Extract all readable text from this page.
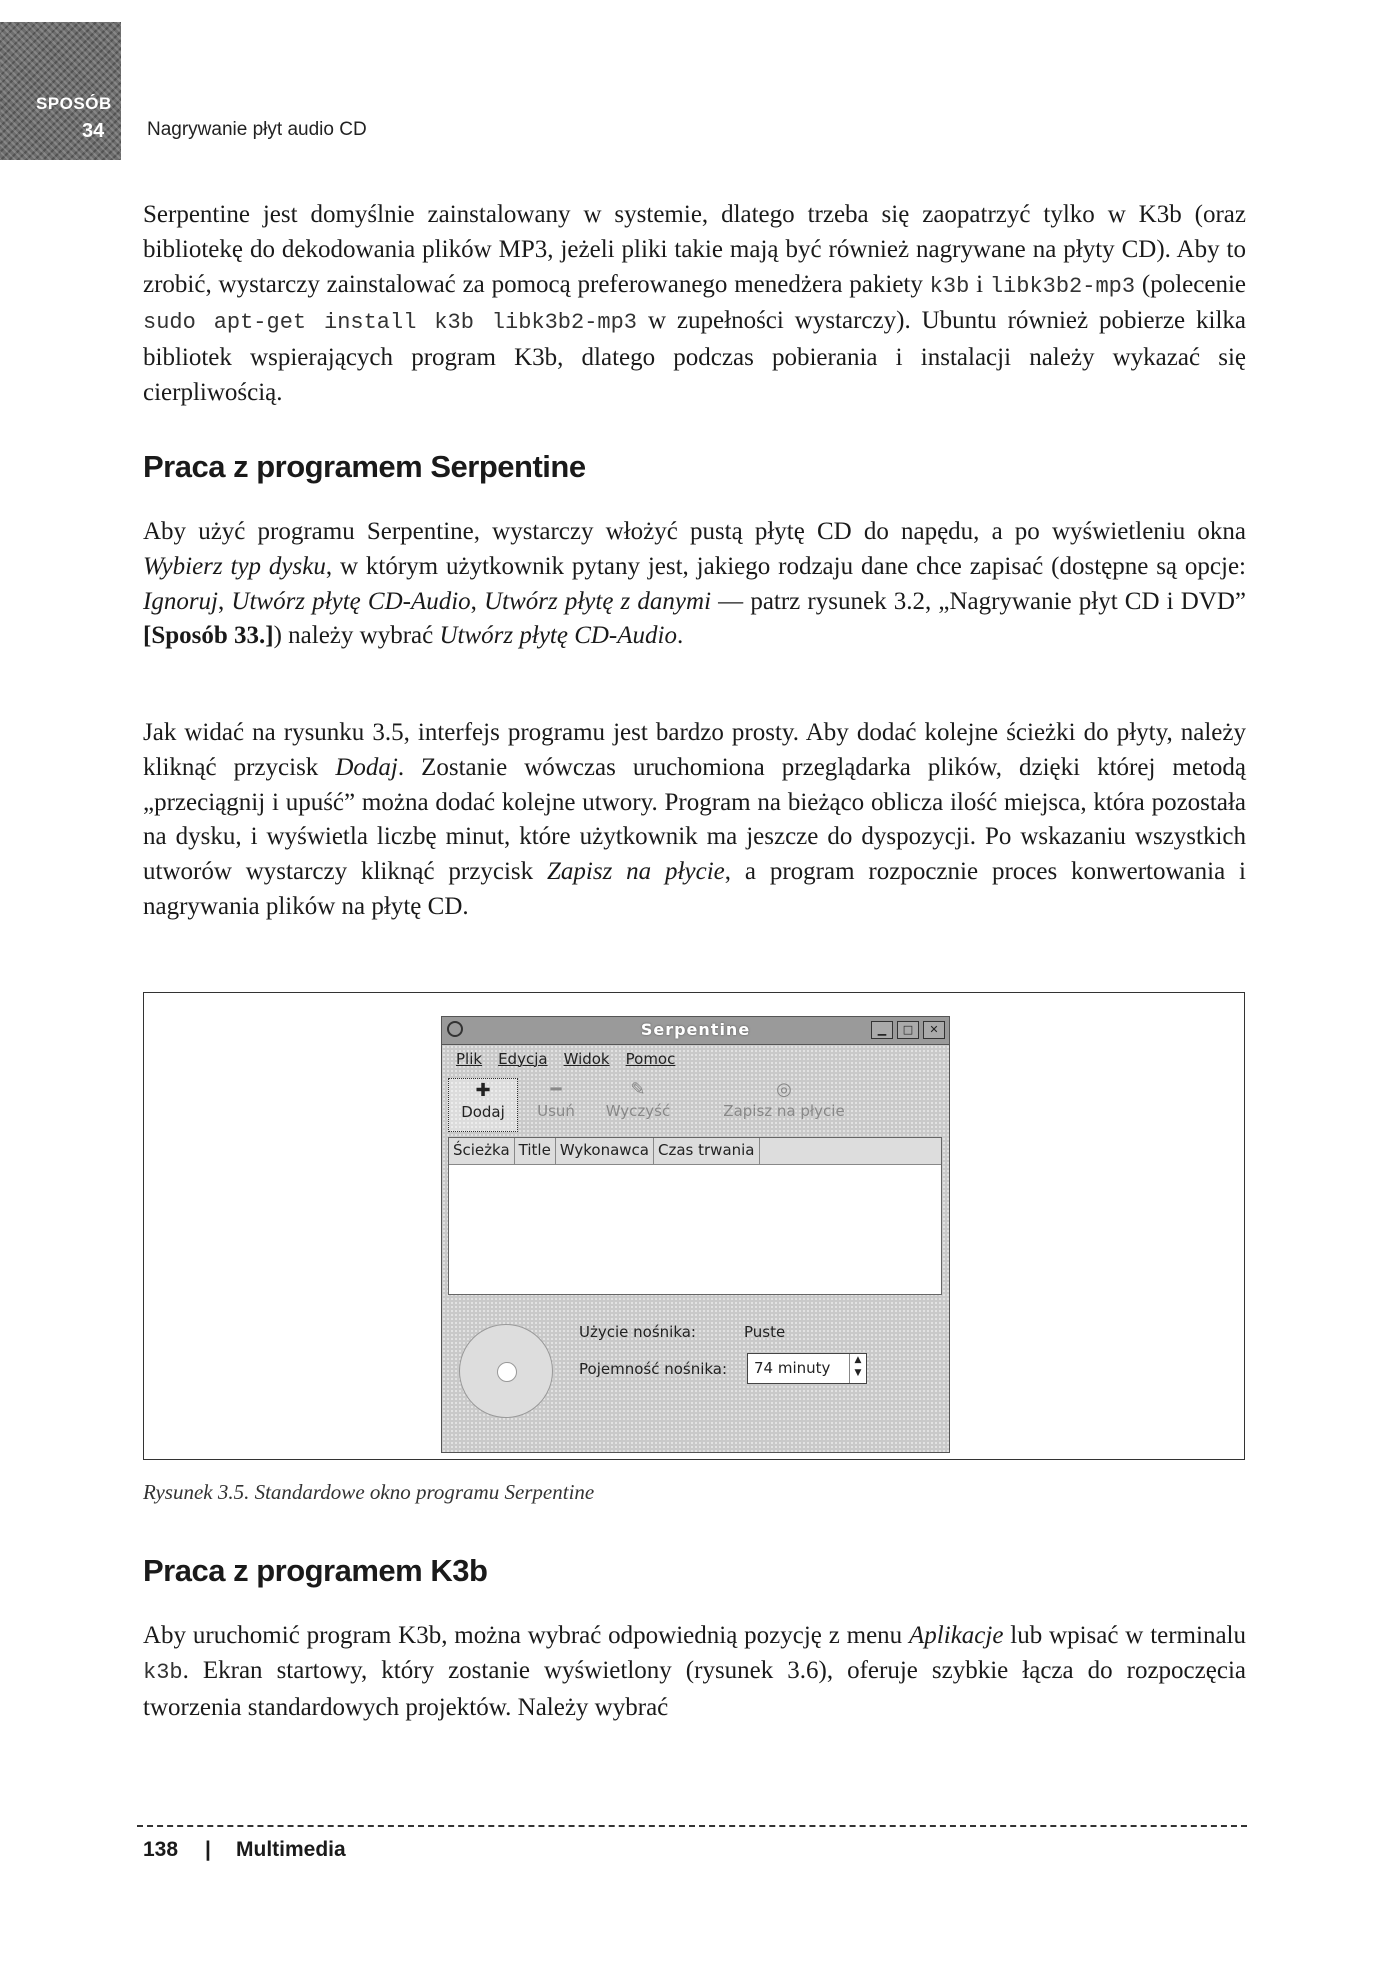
SPOSÓB
34 Nagrywanie płyt audio CD

Serpentine jest domyślnie zainstalowany w systemie, dlatego trzeba się zaopatrzyć tylko w K3b (oraz bibliotekę do dekodowania plików MP3, jeżeli pliki takie mają być również nagrywane na płyty CD). Aby to zrobić, wystarczy zainstalować za pomocą preferowanego menedżera pakiety k3b i libk3b2-mp3 (polecenie sudo apt-get install k3b libk3b2-mp3 w zupełności wystarczy). Ubuntu również pobierze kilka bibliotek wspierających program K3b, dlatego podczas pobierania i instalacji należy wykazać się cierpliwością.

Praca z programem Serpentine

Aby użyć programu Serpentine, wystarczy włożyć pustą płytę CD do napędu, a po wyświetleniu okna Wybierz typ dysku, w którym użytkownik pytany jest, jakiego rodzaju dane chce zapisać (dostępne są opcje: Ignoruj, Utwórz płytę CD-Audio, Utwórz płytę z danymi — patrz rysunek 3.2, „Nagrywanie płyt CD i DVD” [Sposób 33.]) należy wybrać Utwórz płytę CD-Audio.

Jak widać na rysunku 3.5, interfejs programu jest bardzo prosty. Aby dodać kolejne ścieżki do płyty, należy kliknąć przycisk Dodaj. Zostanie wówczas uruchomiona przeglądarka plików, dzięki której metodą „przeciągnij i upuść” można dodać kolejne utwory. Program na bieżąco oblicza ilość miejsca, która pozostała na dysku, i wyświetla liczbę minut, które użytkownik ma jeszcze do dyspozycji. Po wskazaniu wszystkich utworów wystarczy kliknąć przycisk Zapisz na płycie, a program rozpocznie proces konwertowania i nagrywania plików na płytę CD.

Serpentine	▁	□	✕
Plik Edycja Widok Pomoc
✚
Dodaj
━
Usuń
✎
Wyczyść
◎
Zapisz na płycie
Ścieżka Title Wykonawca Czas trwania
Użycie nośnika:	Puste
Pojemność nośnika: 74 minuty	▲
▼
Rysunek 3.5. Standardowe okno programu Serpentine
Praca z programem K3b

Aby uruchomić program K3b, można wybrać odpowiednią pozycję z menu Aplikacje lub wpisać w terminalu k3b. Ekran startowy, który zostanie wyświetlony (rysunek 3.6), oferuje szybkie łącza do rozpoczęcia tworzenia standardowych projektów. Należy wybrać

138 | Multimedia
